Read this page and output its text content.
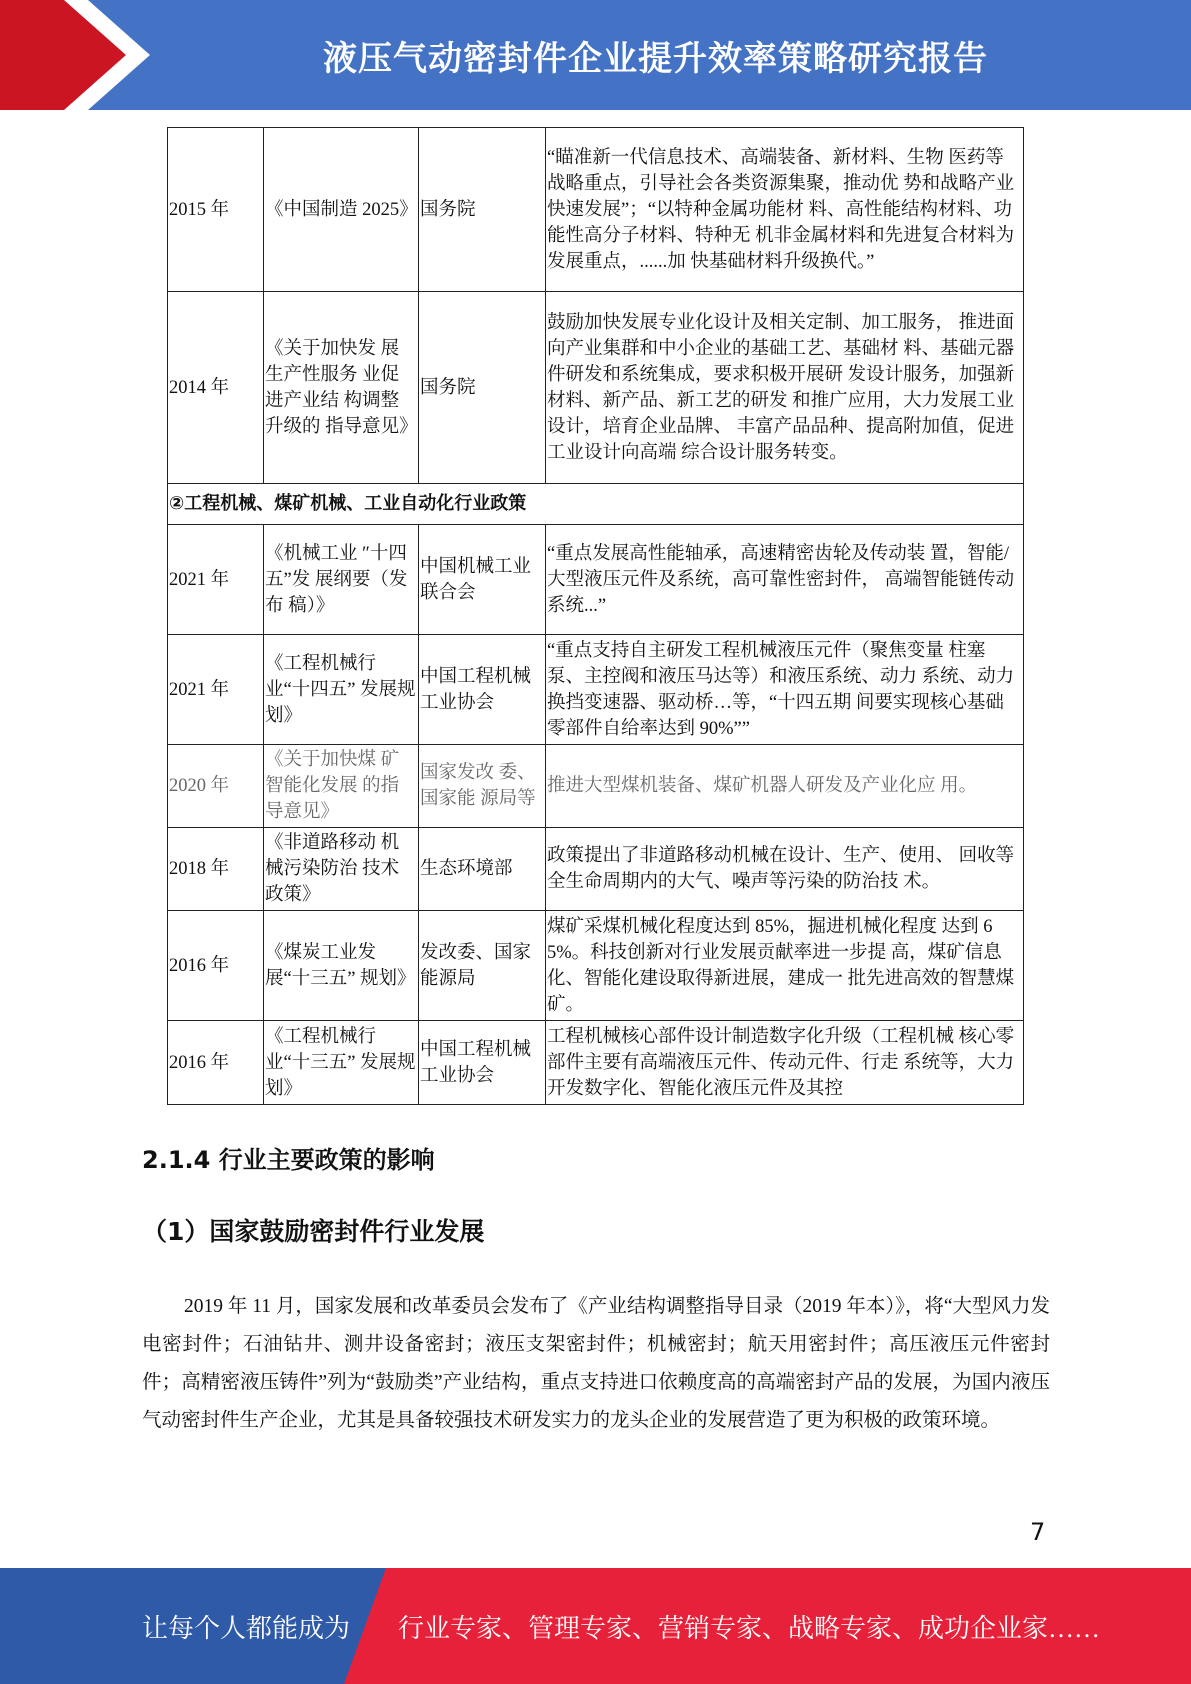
液压气动密封件企业提升效率策略研究报告
2015 年	《中国制造 2025》	国务院	“瞄准新一代信息技术、高端装备、新材料、生物 医药等战略重点，引导社会各类资源集聚，推动优 势和战略产业快速发展”；“以特种金属功能材 料、高性能结构材料、功能性高分子材料、特种无 机非金属材料和先进复合材料为发展重点，......加 快基础材料升级换代。”
2014 年	《关于加快发 展生产性服务 业促进产业结 构调整升级的 指导意见》	国务院	鼓励加快发展专业化设计及相关定制、加工服务， 推进面向产业集群和中小企业的基础工艺、基础材 料、基础元器件研发和系统集成，要求积极开展研 发设计服务，加强新材料、新产品、新工艺的研发 和推广应用，大力发展工业设计，培育企业品牌、 丰富产品品种、提高附加值，促进工业设计向高端 综合设计服务转变。
②工程机械、煤矿机械、工业自动化行业政策			
2021 年	《机械工业 ″十四五”发 展纲要（发布 稿）》	中国机械工业联合会	“重点发展高性能轴承，高速精密齿轮及传动装 置，智能/大型液压元件及系统，高可靠性密封件， 高端智能链传动系统...”
2021 年	《工程机械行 业“十四五” 发展规划》	中国工程机械工业协会	“重点支持自主研发工程机械液压元件（聚焦变量 柱塞泵、主控阀和液压马达等）和液压系统、动力 系统、动力换挡变速器、驱动桥…等，“十四五期 间要实现核心基础零部件自给率达到 90%””
2020 年	《关于加快煤 矿智能化发展 的指导意见》	国家发改 委、国家能 源局等	推进大型煤机装备、煤矿机器人研发及产业化应 用。
2018 年	《非道路移动 机械污染防治 技术政策》	生态环境部	政策提出了非道路移动机械在设计、生产、使用、 回收等全生命周期内的大气、噪声等污染的防治技 术。
2016 年	《煤炭工业发 展“十三五” 规划》	发改委、国家能源局	煤矿采煤机械化程度达到 85%，掘进机械化程度 达到 65%。科技创新对行业发展贡献率进一步提 高，煤矿信息化、智能化建设取得新进展，建成一 批先进高效的智慧煤矿。
2016 年	《工程机械行 业“十三五” 发展规划》	中国工程机械工业协会	工程机械核心部件设计制造数字化升级（工程机械 核心零部件主要有高端液压元件、传动元件、行走 系统等，大力开发数字化、智能化液压元件及其控
2.1.4 行业主要政策的影响
（1）国家鼓励密封件行业发展

2019 年 11 月，国家发展和改革委员会发布了《产业结构调整指导目录（2019 年本）》，将“大型风力发电密封件；石油钻井、测井设备密封；液压支架密封件；机械密封；航天用密封件；高压液压元件密封件；高精密液压铸件”列为“鼓励类”产业结构，重点支持进口依赖度高的高端密封产品的发展，为国内液压气动密封件生产企业，尤其是具备较强技术研发实力的龙头企业的发展营造了更为积极的政策环境。

7
让每个人都能成为 行业专家、管理专家、营销专家、战略专家、成功企业家……
